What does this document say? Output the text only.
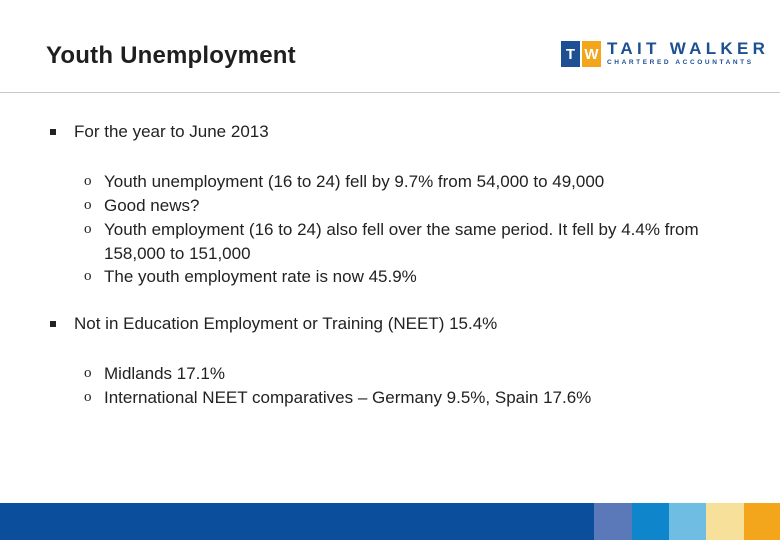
Youth Unemployment	T W TAIT WALKER
CHARTERED ACCOUNTANTS
For the year to June 2013
o Youth unemployment (16 to 24) fell by 9.7% from 54,000 to 49,000
o Good news?
o Youth employment (16 to 24) also fell over the same period. It fell by 4.4% from 158,000 to 151,000
o The youth employment rate is now 45.9%
Not in Education Employment or Training (NEET) 15.4%
o Midlands 17.1%
o International NEET comparatives – Germany 9.5%, Spain 17.6%
